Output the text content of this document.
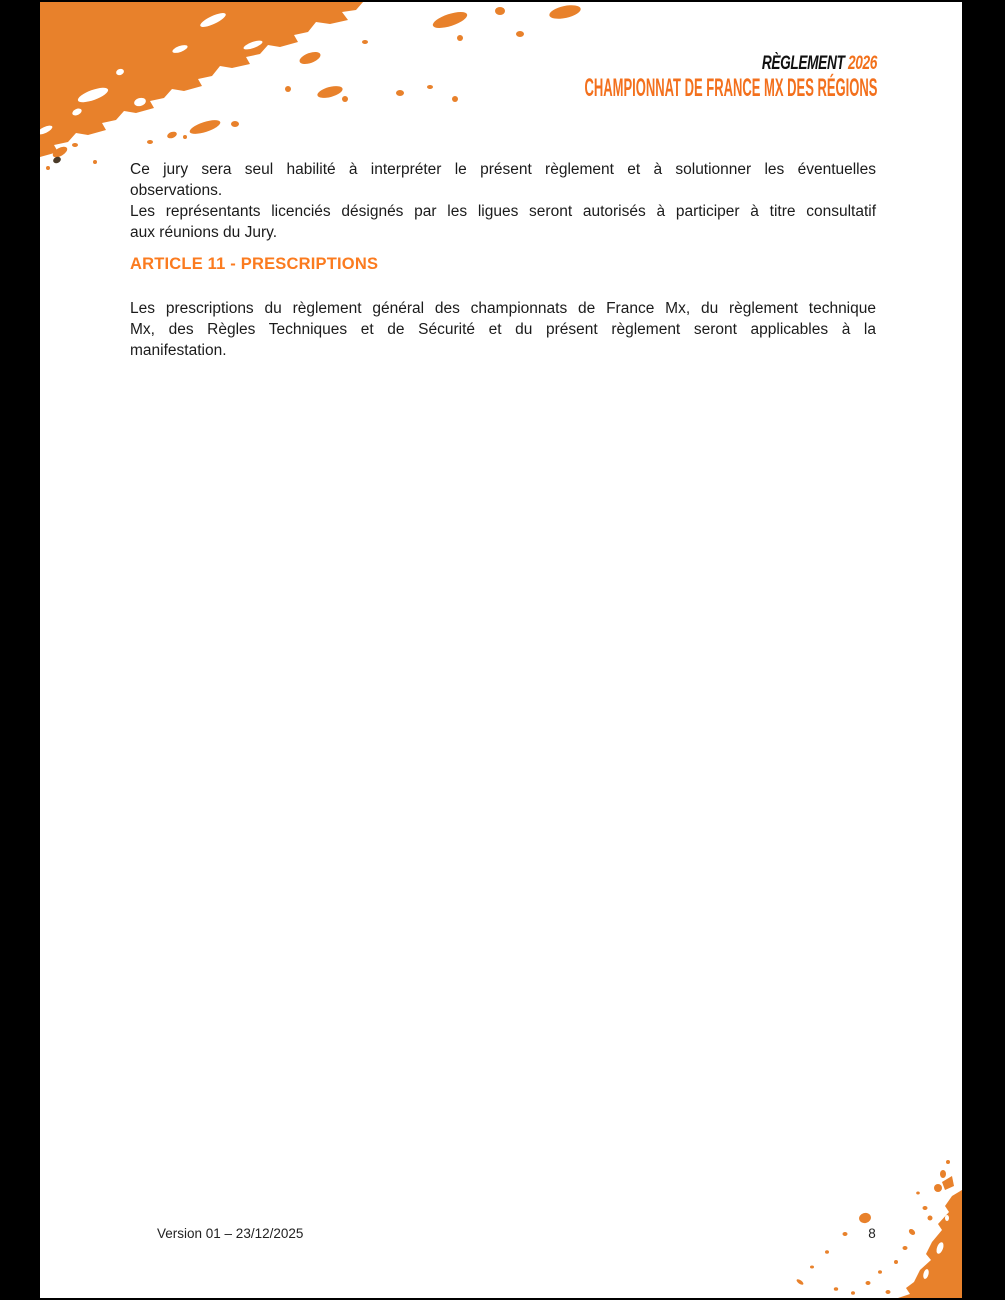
RÈGLEMENT 2026
CHAMPIONNAT DE FRANCE MX DES RÉGIONS
Ce jury sera seul habilité à interpréter le présent règlement et à solutionner les éventuelles
observations.
Les représentants licenciés désignés par les ligues seront autorisés à participer à titre consultatif
aux réunions du Jury.
ARTICLE 11 - PRESCRIPTIONS
Les prescriptions du règlement général des championnats de France Mx, du règlement technique
Mx, des Règles Techniques et de Sécurité et du présent règlement seront applicables à la
manifestation.
Version 01 – 23/12/2025	8
